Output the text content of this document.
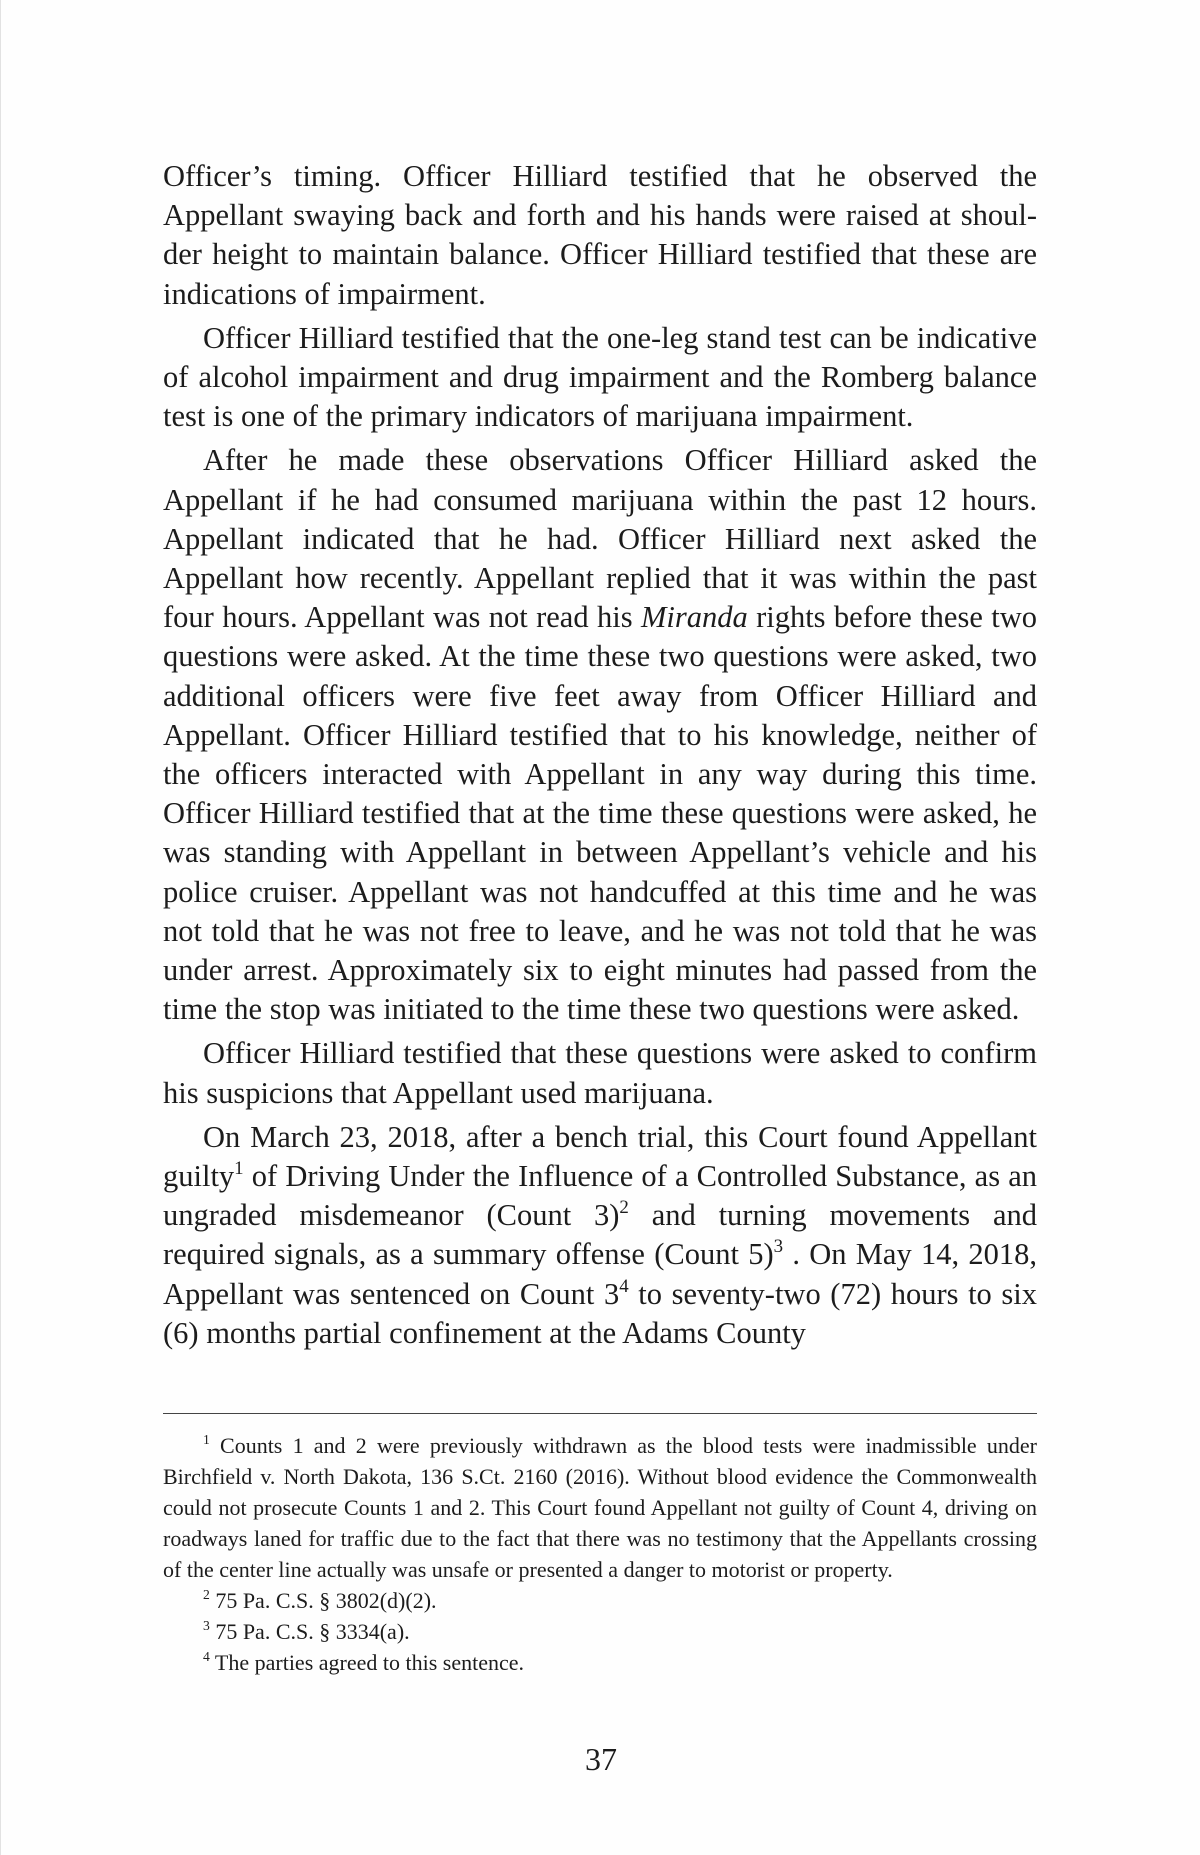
Officer’s timing. Officer Hilliard testified that he observed the Appellant swaying back and forth and his hands were raised at shoulder height to maintain balance. Officer Hilliard testified that these are indications of impairment.

Officer Hilliard testified that the one-leg stand test can be indicative of alcohol impairment and drug impairment and the Romberg balance test is one of the primary indicators of marijuana impairment.

After he made these observations Officer Hilliard asked the Appellant if he had consumed marijuana within the past 12 hours. Appellant indicated that he had. Officer Hilliard next asked the Appellant how recently. Appellant replied that it was within the past four hours. Appellant was not read his Miranda rights before these two questions were asked. At the time these two questions were asked, two additional officers were five feet away from Officer Hilliard and Appellant. Officer Hilliard testified that to his knowledge, neither of the officers interacted with Appellant in any way during this time. Officer Hilliard testified that at the time these questions were asked, he was standing with Appellant in between Appellant’s vehicle and his police cruiser. Appellant was not handcuffed at this time and he was not told that he was not free to leave, and he was not told that he was under arrest. Approximately six to eight minutes had passed from the time the stop was initiated to the time these two questions were asked.

Officer Hilliard testified that these questions were asked to confirm his suspicions that Appellant used marijuana.

On March 23, 2018, after a bench trial, this Court found Appellant guilty$^1$ of Driving Under the Influence of a Controlled Substance, as an ungraded misdemeanor (Count 3)$^2$ and turning movements and required signals, as a summary offense (Count 5)$^3$ . On May 14, 2018, Appellant was sentenced on Count $3^4$ to seventy-two (72) hours to six (6) months partial confinement at the Adams County

$^1$ Counts 1 and 2 were previously withdrawn as the blood tests were inadmissible under Birchfield v. North Dakota, 136 S.Ct. 2160 (2016). Without blood evidence the Commonwealth could not prosecute Counts 1 and 2. This Court found Appellant not guilty of Count 4, driving on roadways laned for traffic due to the fact that there was no testimony that the Appellants crossing of the center line actually was unsafe or presented a danger to motorist or property.

$^2$ 75 Pa. C.S. § 3802(d)(2).

$^3$ 75 Pa. C.S. § 3334(a).

$^4$ The parties agreed to this sentence.

37
